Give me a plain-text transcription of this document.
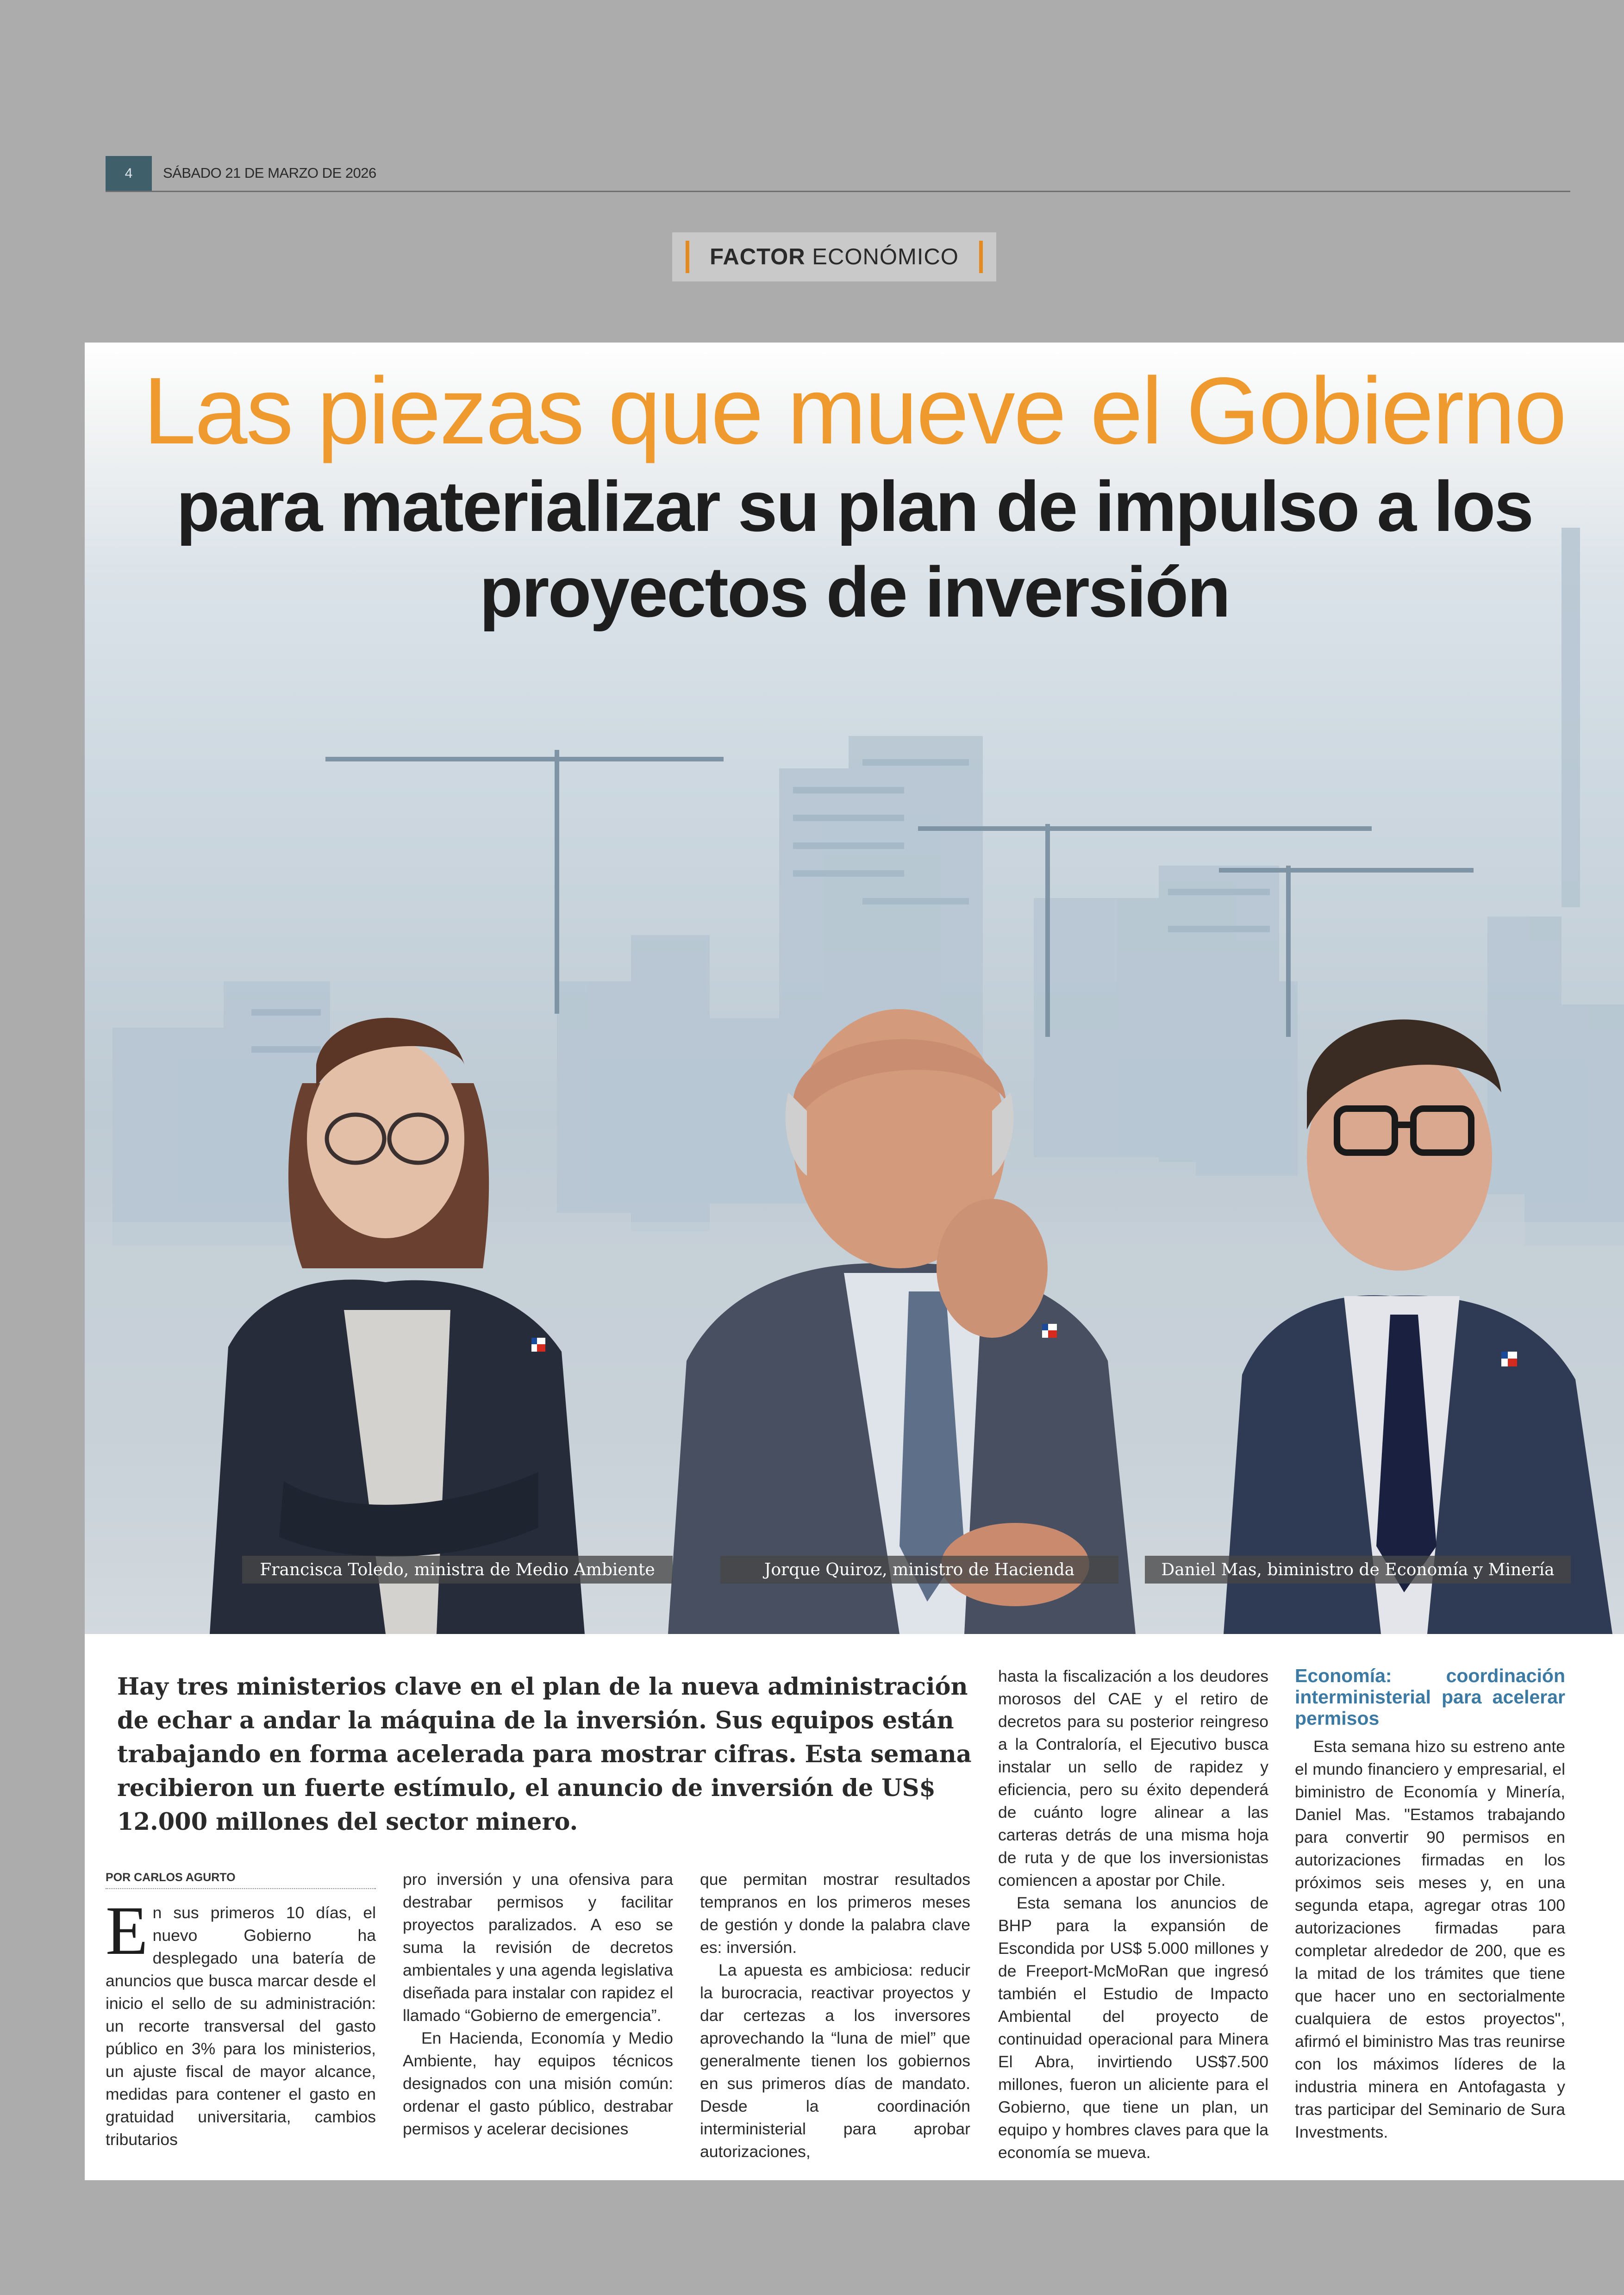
4	SÁBADO 21 DE MARZO DE 2026
FACTOR ECONÓMICO
Las piezas que mueve el Gobierno
para materializar su plan de impulso a los proyectos de inversión
Francisca Toledo, ministra de Medio Ambiente	Jorque Quiroz, ministro de Hacienda	Daniel Mas, biministro de Economía y Minería
Hay tres ministerios clave en el plan de la nueva administración de echar a andar la máquina de la inversión. Sus equipos están trabajando en forma acelerada para mostrar cifras. Esta semana recibieron un fuerte estímulo, el anuncio de inversión de US$ 12.000 millones del sector minero.
POR CARLOS AGURTO

En sus primeros 10 días, el nuevo Gobierno ha desplegado una batería de anuncios que busca marcar desde el inicio el sello de su administración: un recorte transversal del gasto público en 3% para los ministerios, un ajuste fiscal de mayor alcance, medidas para contener el gasto en gratuidad universitaria, cambios tributarios

pro inversión y una ofensiva para destrabar permisos y facilitar proyectos paralizados. A eso se suma la revisión de decretos ambientales y una agenda legislativa diseñada para instalar con rapidez el llamado “Gobierno de emergencia”.

En Hacienda, Economía y Medio Ambiente, hay equipos técnicos designados con una misión común: ordenar el gasto público, destrabar permisos y acelerar decisiones

que permitan mostrar resultados tempranos en los primeros meses de gestión y donde la palabra clave es: inversión.

La apuesta es ambiciosa: reducir la burocracia, reactivar proyectos y dar certezas a los inversores aprovechando la “luna de miel” que generalmente tienen los gobiernos en sus primeros días de mandato. Desde la coordinación interministerial para aprobar autorizaciones,

hasta la fiscalización a los deudores morosos del CAE y el retiro de decretos para su posterior reingreso a la Contraloría, el Ejecutivo busca instalar un sello de rapidez y eficiencia, pero su éxito dependerá de cuánto logre alinear a las carteras detrás de una misma hoja de ruta y de que los inversionistas comiencen a apostar por Chile.

Esta semana los anuncios de BHP para la expansión de Escondida por US$ 5.000 millones y de Freeport-McMoRan que ingresó también el Estudio de Impacto Ambiental del proyecto de continuidad operacional para Minera El Abra, invirtiendo US$7.500 millones, fueron un aliciente para el Gobierno, que tiene un plan, un equipo y hombres claves para que la economía se mueva.

Economía: coordinación interministerial para acelerar permisos

Esta semana hizo su estreno ante el mundo financiero y empresarial, el biministro de Economía y Minería, Daniel Mas. "Estamos trabajando para convertir 90 permisos en autorizaciones firmadas en los próximos seis meses y, en una segunda etapa, agregar otras 100 autorizaciones firmadas para completar alrededor de 200, que es la mitad de los trámites que tiene que hacer uno en sectorialmente cualquiera de estos proyectos", afirmó el biministro Mas tras reunirse con los máximos líderes de la industria minera en Antofagasta y tras participar del Seminario de Sura Investments.
